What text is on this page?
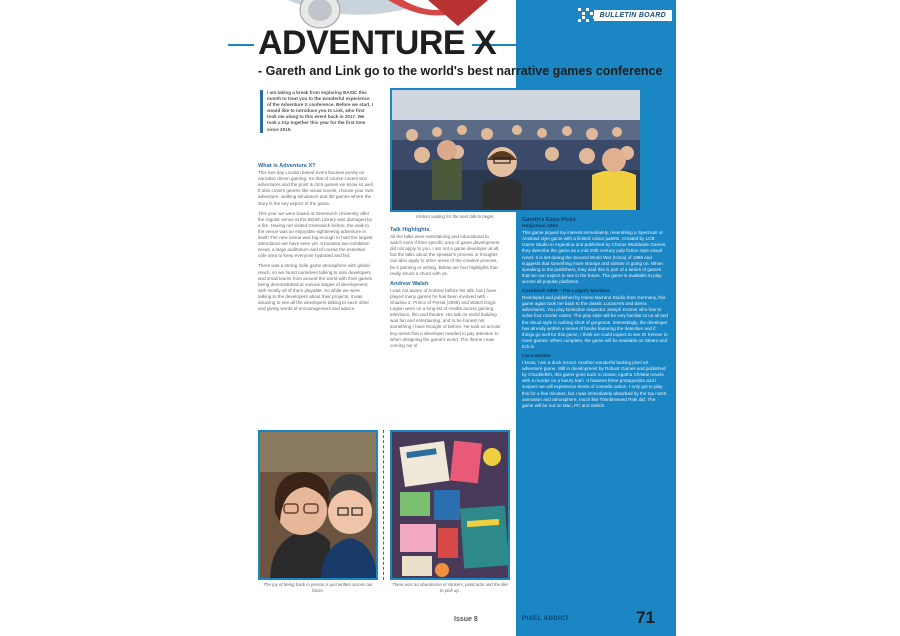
BULLETIN BOARD
ADVENTURE X
- Gareth and Link go to the world's best narrative games conference
I am taking a break from exploring BASIC this month to treat you to the wonderful experience of the Adventure X conference. Before we start, I would like to introduce you to Link, who first took me along to this event back in 2017. We took a trip together this year for the first time since 2019.
What is Adventure X?

This two-day London based event focuses purely on narrative driven gaming. So that of course covers text adventures and the point & click games we know so well. It also covers genres like visual novels, choose your own adventure, walking simulators and 3D games where the story is the key aspect of the game.

This year we were based at Greenwich University after the regular venue at the British Library was damaged by a fire. Having not visited Greenwich before, the walk to the venue was an enjoyable sightseeing adventure in itself! The new venue was big enough to hold the largest attendance we have seen yet. It boasted two exhibition areas, a large auditorium and of course the essential cafe area to keep everyone hydrated and fed.

There was a strong indie game atmosphere with global reach, so we found ourselves talking to solo developers and small teams from around the world with their games being demonstrated at various stages of development, with mostly all of them playable. So while we were talking to the developers about their projects, it was amazing to see all the developers talking to each other and giving words of encouragement and advice.

Visitors waiting for the next talk to begin.
Talk Highlights

All the talks were entertaining and educational to watch even if their specific area of game development did not apply to you. I am not a game developer at all, but the talks about the speaker's process or thoughts can also apply to other areas of the creative process, be it painting or writing. Below are four highlights that really struck a chord with us.

Andrew Walsh

I was not aware of Andrew before his talk, but I have played many games he has been involved with - Shadow 2, Prince of Persia (2008) and Watch Dogs: Legion were on a long list of credits across gaming, television, film and theatre. His talk on world building was fun and entertaining, and to be honest not something I have thought of before. He took us across key areas that a developer needed to pay attention to when designing the game's world. The theme I saw coming out of

Gareth's Expo Picks
Hadjuman 1984

This game piqued my interest immediately, resembling a Spectrum or Amstrad style game with a limited colour palette. Created by LCB Game Studio in Argentina and published by Chorus Worldwide Games, they describe the game as a mid 20th century pulp fiction style visual novel. It is set during the Second World War (Circa) of 1966 and suggests that something more strange and sinister is going on. When speaking to the publishers, they said this is part of a series of games that we can expect to see in the future. The game is available to play across all popular platforms.

Casebook 1899 - The Lalgoly Murders

Developed and published by Homo Narrans Studio from Germany, this game again took me back to the classic LucasArts and Sierra adventures. You play Detective Inspector Joseph Kremer who has to solve four murder cases. The play style will be very familiar to us all and the visual style is nothing short of gorgeous. Interestingly, the developer has already written a series of books featuring the detective and if things go well for this game, I think we could expect to see DI Kremer in more games. When complete, the game will be available on Steam and Itch.io

Loco Motive

I know, I am a duck record. Another wonderful looking pixel art adventure game. Still in development by Robust Games and published by Chucklefish, this game goes back to classic Agatha Christie novels with a murder on a luxury train. It features three protagonists and I suspect we will experience levels of comedic action. I only got to play this for a few minutes, but I was immediately absorbed by the top notch animation and atmosphere, much like Thimbleweed Park did. The game will be out on Mac, PC and Switch.

The joy of being back in person is just written across our faces.
There was an abundance of stickers, postcards and the like to pick up.
Issue 8	PIXEL ADDICT	71
